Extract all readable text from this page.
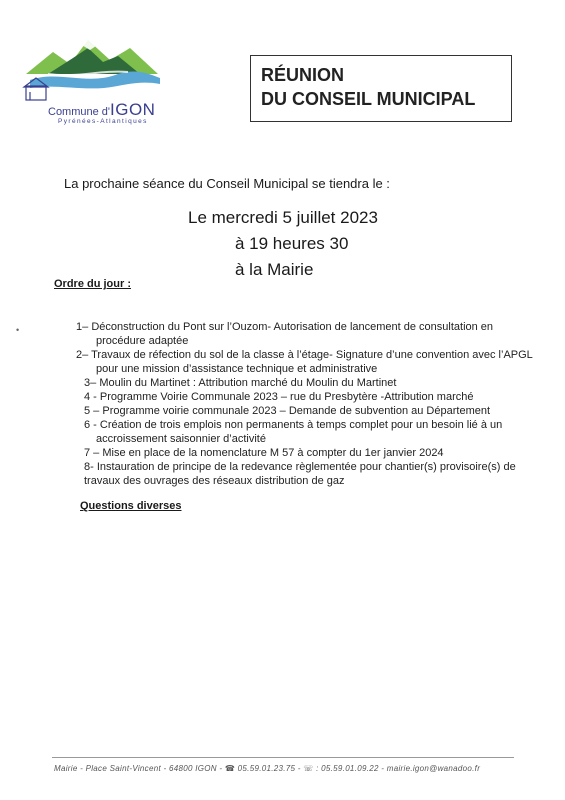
Commune d'IGON
Pyrénées-Atlantiques
RÉUNION
DU CONSEIL MUNICIPAL
La prochaine séance du Conseil Municipal se tiendra le :
Le mercredi 5 juillet 2023
à 19 heures 30
à la Mairie
Ordre du jour :
•	1– Déconstruction du Pont sur l’Ouzom- Autorisation de lancement de consultation en
procédure adaptée
2– Travaux de réfection du sol de la classe à l’étage- Signature d’une convention avec l’APGL
pour une mission d’assistance technique et administrative
3– Moulin du Martinet : Attribution marché du Moulin du Martinet
4 - Programme Voirie Communale 2023 – rue du Presbytère -Attribution marché
5 – Programme voirie communale 2023 – Demande de subvention au Département
6 - Création de trois emplois non permanents à temps complet pour un besoin lié à un
accroissement saisonnier d’activité
7 – Mise en place de la nomenclature M 57 à compter du 1er janvier 2024
8- Instauration de principe de la redevance règlementée pour chantier(s) provisoire(s) de
travaux des ouvrages des réseaux distribution de gaz
Questions diverses
Mairie - Place Saint-Vincent - 64800 IGON - ☎ 05.59.01.23.75 - ☏ : 05.59.01.09.22 - mairie.igon@wanadoo.fr
